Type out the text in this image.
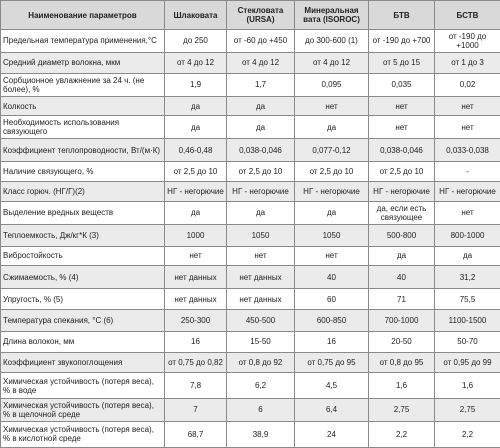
Наименование параметров	Шлаковата	Стекловата (URSA)	Минеральная вата (ISOROC)	БТВ	БСТВ
Предельная температура применения,°С	до 250	от -60 до +450	до 300-600 (1)	от -190 до +700	от -190 до +1000
Средний диаметр волокна, мкм	от 4 до 12	от 4 до 12	от 4 до 12	от 5 до 15	от 1 до 3
Сорбционное увлажнение за 24 ч. (не более), %	1,9	1,7	0,095	0,035	0,02
Колкость	да	да	нет	нет	нет
Необходимость использования связующего	да	да	да	нет	нет
Коэффициент теплопроводности, Вт/(м·К)	0,46-0,48	0,038-0,046	0,077-0,12	0,038-0,046	0,033-0,038
Наличие связующего, %	от 2,5 до 10	от 2,5 до 10	от 2,5 до 10	от 2,5 до 10	-
Класс горюч. (НГ/Г)(2)	НГ - негорючие	НГ - негорючие	НГ - негорючие	НГ - негорючие	НГ - негорючие
Выделение вредных веществ	да	да	да	да, если есть связующее	нет
Теплоемкость, Дж/кг*К (3)	1000	1050	1050	500-800	800-1000
Вибростойкость	нет	нет	нет	да	да
Сжимаемость, % (4)	нет данных	нет данных	40	40	31,2
Упругость, % (5)	нет данных	нет данных	60	71	75,5
Температура спекания, °С (6)	250-300	450-500	600-850	700-1000	1100-1500
Длина волокон, мм	16	15-50	16	20-50	50-70
Коэффициент звукопоглощения	от 0,75 до 0,82	от 0,8 до 92	от 0,75 до 95	от 0,8 до 95	от 0,95 до 99
Химическая устойчивость (потеря веса), % в воде	7,8	6,2	4,5	1,6	1,6
Химическая устойчивость (потеря веса), % в щелочной среде	7	6	6,4	2,75	2,75
Химическая устойчивость (потеря веса), % в кислотной среде	68,7	38,9	24	2,2	2,2
